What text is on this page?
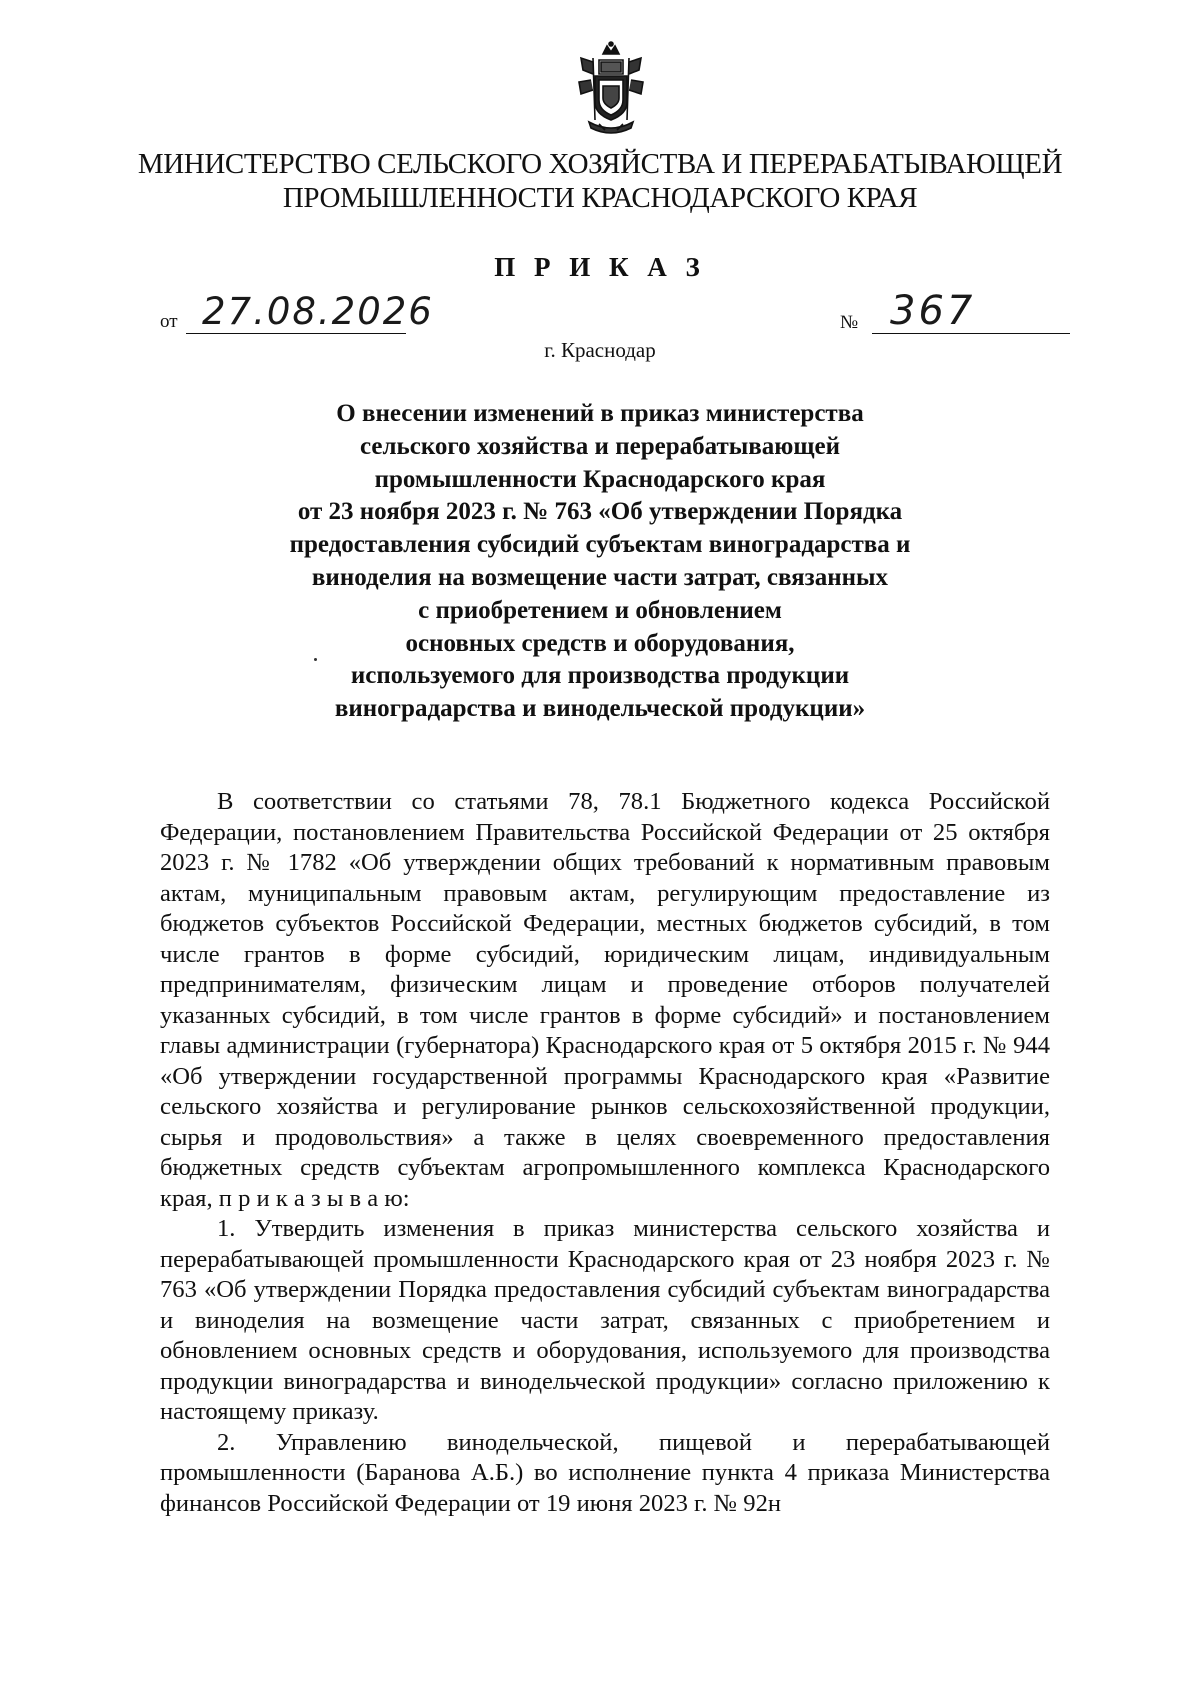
МИНИСТЕРСТВО СЕЛЬСКОГО ХОЗЯЙСТВА И ПЕРЕРАБАТЫВАЮЩЕЙ
ПРОМЫШЛЕННОСТИ КРАСНОДАРСКОГО КРАЯ
П Р И К А З
от 27.08.2026	№ 367
г. Краснодар
О внесении изменений в приказ министерства
сельского хозяйства и перерабатывающей
промышленности Краснодарского края
от 23 ноября 2023 г. № 763 «Об утверждении Порядка
предоставления субсидий субъектам виноградарства и
виноделия на возмещение части затрат, связанных
с приобретением и обновлением
основных средств и оборудования,
используемого для производства продукции
виноградарства и винодельческой продукции»

В соответствии со статьями 78, 78.1 Бюджетного кодекса Российской Федерации, постановлением Правительства Российской Федерации от 25 октября 2023 г. № 1782 «Об утверждении общих требований к нормативным правовым актам, муниципальным правовым актам, регулирующим предоставление из бюджетов субъектов Российской Федерации, местных бюджетов субсидий, в том числе грантов в форме субсидий, юридическим лицам, индивидуальным предпринимателям, физическим лицам и проведение отборов получателей указанных субсидий, в том числе грантов в форме субсидий» и постановлением главы администрации (губернатора) Краснодарского края от 5 октября 2015 г. № 944 «Об утверждении государственной программы Краснодарского края «Развитие сельского хозяйства и регулирование рынков сельскохозяйственной продукции, сырья и продовольствия» а также в целях своевременного предоставления бюджетных средств субъектам агропромышленного комплекса Краснодарского края, п р и к а з ы в а ю:

1. Утвердить изменения в приказ министерства сельского хозяйства и перерабатывающей промышленности Краснодарского края от 23 ноября 2023 г. № 763 «Об утверждении Порядка предоставления субсидий субъектам виноградарства и виноделия на возмещение части затрат, связанных с приобретением и обновлением основных средств и оборудования, используемого для производства продукции виноградарства и винодельческой продукции» согласно приложению к настоящему приказу.

2. Управлению винодельческой, пищевой и перерабатывающей промышленности (Баранова А.Б.) во исполнение пункта 4 приказа Министерства финансов Российской Федерации от 19 июня 2023 г. № 92н
